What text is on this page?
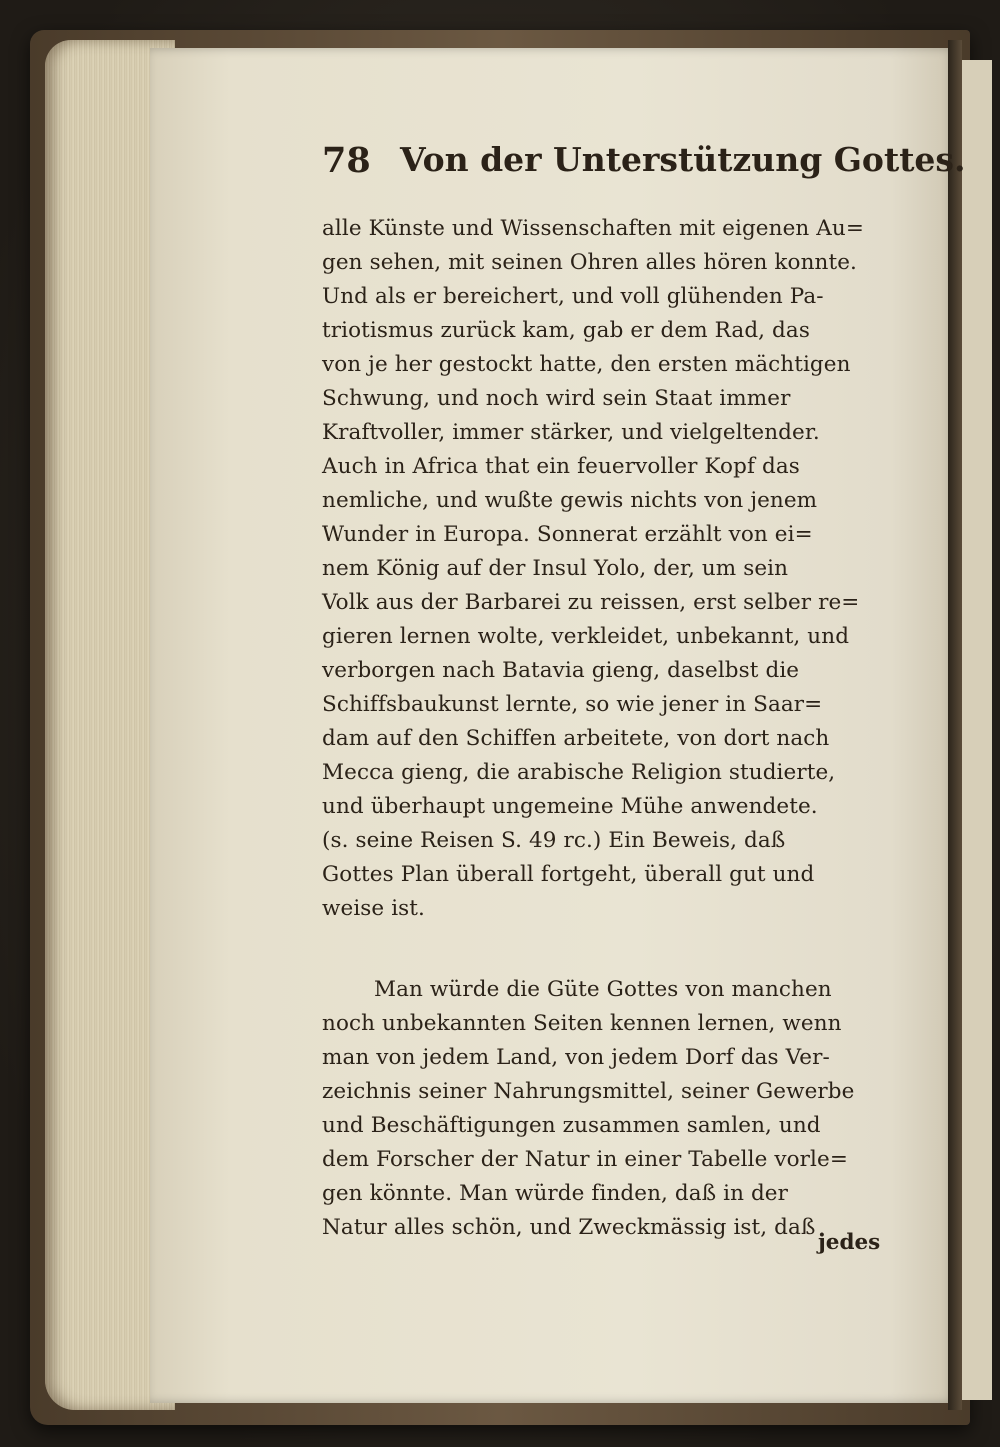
78 Von der Unterstützung Gottes.
alle Künste und Wissenschaften mit eigenen Au=
gen sehen, mit seinen Ohren alles hören konnte.
Und als er bereichert, und voll glühenden Pa-
triotismus zurück kam, gab er dem Rad, das
von je her gestockt hatte, den ersten mächtigen
Schwung, und noch wird sein Staat immer
Kraftvoller, immer stärker, und vielgeltender.
Auch in Africa that ein feuervoller Kopf das
nemliche, und wußte gewis nichts von jenem
Wunder in Europa. Sonnerat erzählt von ei=
nem König auf der Insul Yolo, der, um sein
Volk aus der Barbarei zu reissen, erst selber re=
gieren lernen wolte, verkleidet, unbekannt, und
verborgen nach Batavia gieng, daselbst die
Schiffsbaukunst lernte, so wie jener in Saar=
dam auf den Schiffen arbeitete, von dort nach
Mecca gieng, die arabische Religion studierte,
und überhaupt ungemeine Mühe anwendete.
(s. seine Reisen S. 49 rc.) Ein Beweis, daß
Gottes Plan überall fortgeht, überall gut und
weise ist.
Man würde die Güte Gottes von manchen
noch unbekannten Seiten kennen lernen, wenn
man von jedem Land, von jedem Dorf das Ver-
zeichnis seiner Nahrungsmittel, seiner Gewerbe
und Beschäftigungen zusammen samlen, und
dem Forscher der Natur in einer Tabelle vorle=
gen könnte. Man würde finden, daß in der
Natur alles schön, und Zweckmässig ist, daß
jedes
